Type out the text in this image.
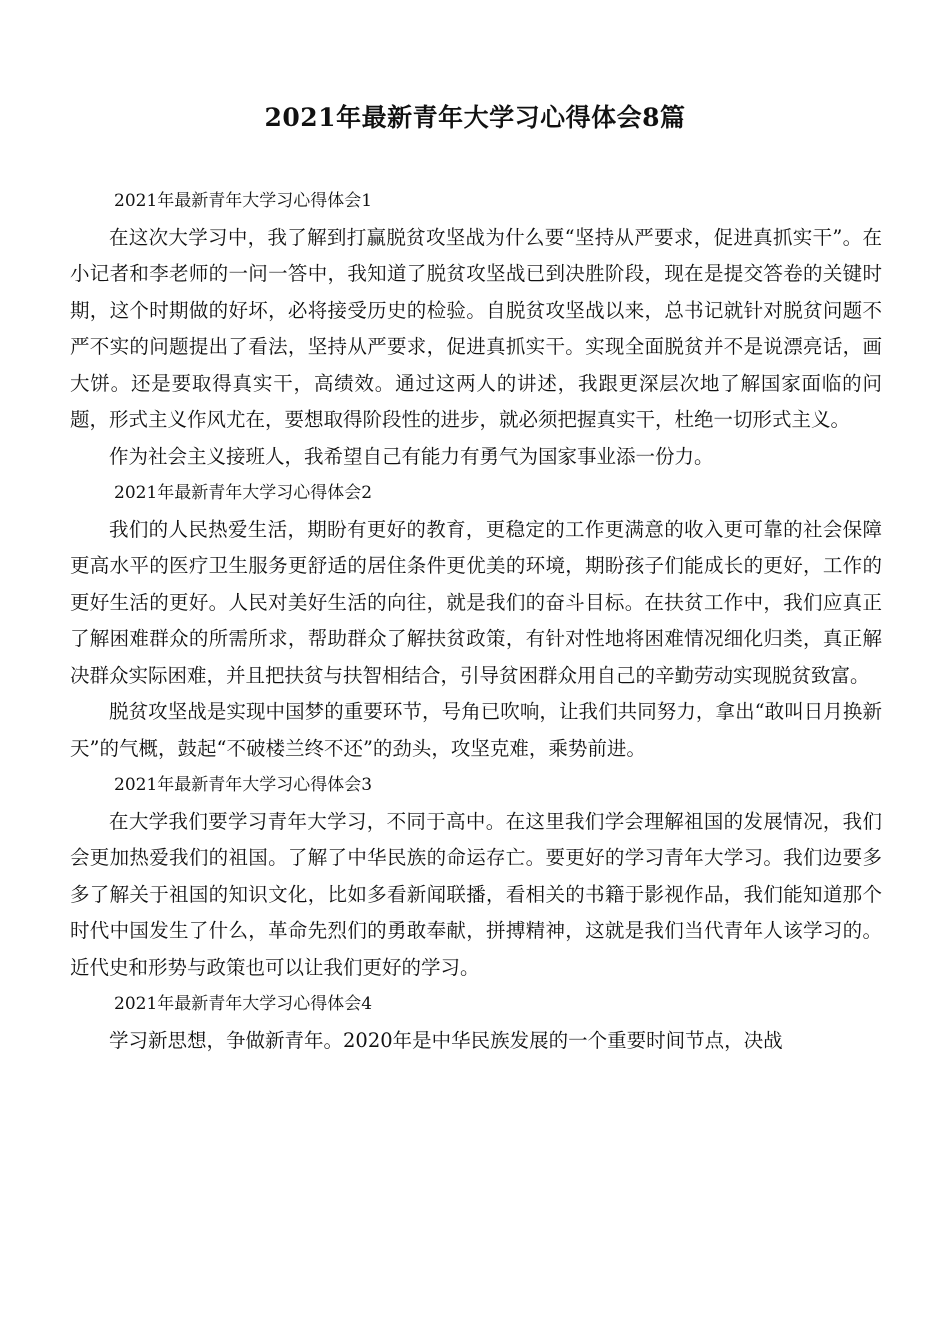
2021年最新青年大学习心得体会8篇

2021年最新青年大学习心得体会1

在这次大学习中，我了解到打赢脱贫攻坚战为什么要“坚持从严要求，促进真抓实干”。在小记者和李老师的一问一答中，我知道了脱贫攻坚战已到决胜阶段，现在是提交答卷的关键时期，这个时期做的好坏，必将接受历史的检验。自脱贫攻坚战以来，总书记就针对脱贫问题不严不实的问题提出了看法，坚持从严要求，促进真抓实干。实现全面脱贫并不是说漂亮话，画大饼。还是要取得真实干，高绩效。通过这两人的讲述，我跟更深层次地了解国家面临的问题，形式主义作风尤在，要想取得阶段性的进步，就必须把握真实干，杜绝一切形式主义。

作为社会主义接班人，我希望自己有能力有勇气为国家事业添一份力。

2021年最新青年大学习心得体会2

我们的人民热爱生活，期盼有更好的教育，更稳定的工作更满意的收入更可靠的社会保障更高水平的医疗卫生服务更舒适的居住条件更优美的环境，期盼孩子们能成长的更好，工作的更好生活的更好。人民对美好生活的向往，就是我们的奋斗目标。在扶贫工作中，我们应真正了解困难群众的所需所求，帮助群众了解扶贫政策，有针对性地将困难情况细化归类，真正解决群众实际困难，并且把扶贫与扶智相结合，引导贫困群众用自己的辛勤劳动实现脱贫致富。

脱贫攻坚战是实现中国梦的重要环节，号角已吹响，让我们共同努力，拿出“敢叫日月换新天”的气概，鼓起“不破楼兰终不还”的劲头，攻坚克难，乘势前进。

2021年最新青年大学习心得体会3

在大学我们要学习青年大学习，不同于高中。在这里我们学会理解祖国的发展情况，我们会更加热爱我们的祖国。了解了中华民族的命运存亡。要更好的学习青年大学习。我们边要多多了解关于祖国的知识文化，比如多看新闻联播，看相关的书籍于影视作品，我们能知道那个时代中国发生了什么，革命先烈们的勇敢奉献，拼搏精神，这就是我们当代青年人该学习的。近代史和形势与政策也可以让我们更好的学习。

2021年最新青年大学习心得体会4

学习新思想，争做新青年。2020年是中华民族发展的一个重要时间节点，决战
